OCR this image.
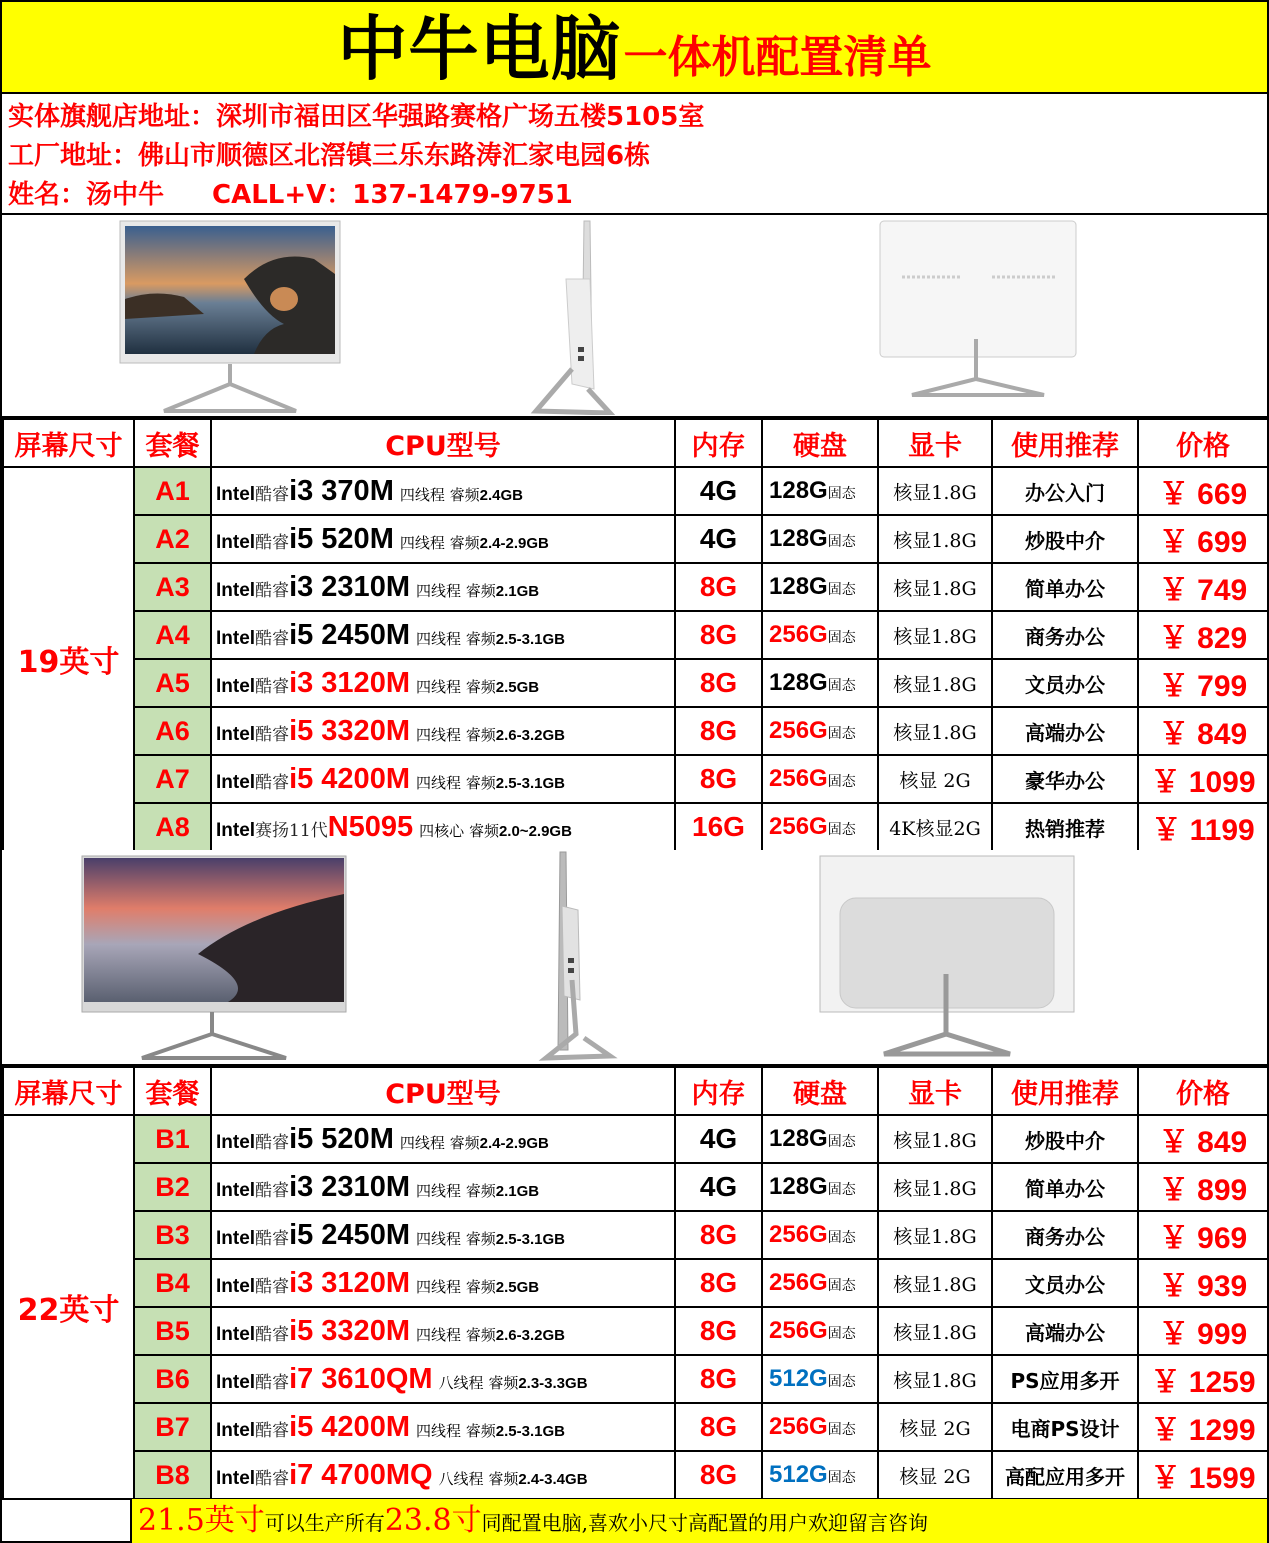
中牛电脑 一体机配置清单
实体旗舰店地址：深圳市福田区华强路赛格广场五楼5105室
工厂地址：佛山市顺德区北滘镇三乐东路涛汇家电园6栋
姓名：汤中牛 CALL+V：137-1479-9751
屏幕尺寸	套餐	CPU型号	内存	硬盘	显卡	使用推荐	价格
19英寸	A1	Intel酷睿i3 370M 四线程 睿频2.4GB	4G	128G固态	核显1.8G	办公入门	￥ 669
	A2	Intel酷睿i5 520M 四线程 睿频2.4-2.9GB	4G	128G固态	核显1.8G	炒股中介	￥ 699
	A3	Intel酷睿i3 2310M 四线程 睿频2.1GB	8G	128G固态	核显1.8G	简单办公	￥ 749
	A4	Intel酷睿i5 2450M 四线程 睿频2.5-3.1GB	8G	256G固态	核显1.8G	商务办公	￥ 829
	A5	Intel酷睿i3 3120M 四线程 睿频2.5GB	8G	128G固态	核显1.8G	文员办公	￥ 799
	A6	Intel酷睿i5 3320M 四线程 睿频2.6-3.2GB	8G	256G固态	核显1.8G	高端办公	￥ 849
	A7	Intel酷睿i5 4200M 四线程 睿频2.5-3.1GB	8G	256G固态	核显 2G	豪华办公	￥ 1099
	A8	Intel赛扬11代N5095 四核心 睿频2.0~2.9GB	16G	256G固态	4K核显2G	热销推荐	￥ 1199
屏幕尺寸	套餐	CPU型号	内存	硬盘	显卡	使用推荐	价格
22英寸	B1	Intel酷睿i5 520M 四线程 睿频2.4-2.9GB	4G	128G固态	核显1.8G	炒股中介	￥ 849
	B2	Intel酷睿i3 2310M 四线程 睿频2.1GB	4G	128G固态	核显1.8G	简单办公	￥ 899
	B3	Intel酷睿i5 2450M 四线程 睿频2.5-3.1GB	8G	256G固态	核显1.8G	商务办公	￥ 969
	B4	Intel酷睿i3 3120M 四线程 睿频2.5GB	8G	256G固态	核显1.8G	文员办公	￥ 939
	B5	Intel酷睿i5 3320M 四线程 睿频2.6-3.2GB	8G	256G固态	核显1.8G	高端办公	￥ 999
	B6	Intel酷睿i7 3610QM 八线程 睿频2.3-3.3GB	8G	512G固态	核显1.8G	PS应用多开	￥ 1259
	B7	Intel酷睿i5 4200M 四线程 睿频2.5-3.1GB	8G	256G固态	核显 2G	电商PS设计	￥ 1299
	B8	Intel酷睿i7 4700MQ 八线程 睿频2.4-3.4GB	8G	512G固态	核显 2G	高配应用多开	￥ 1599
21.5英寸可以生产所有23.8寸同配置电脑,喜欢小尺寸高配置的用户欢迎留言咨询
